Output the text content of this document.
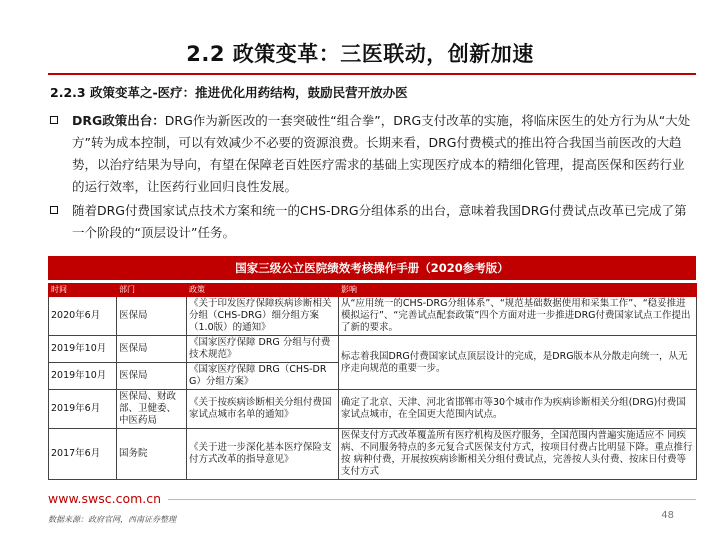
2.2 政策变革：三医联动，创新加速
2.2.3 政策变革之-医疗：推进优化用药结构，鼓励民营开放办医
DRG政策出台：DRG作为新医改的一套突破性“组合拳”，DRG支付改革的实施，将临床医生的处方行为从“大处方”转为成本控制，可以有效减少不必要的资源浪费。长期来看，DRG付费模式的推出符合我国当前医改的大趋势，以治疗结果为导向，有望在保障老百姓医疗需求的基础上实现医疗成本的精细化管理，提高医保和医药行业的运行效率，让医药行业回归良性发展。
随着DRG付费国家试点技术方案和统一的CHS-DRG分组体系的出台，意味着我国DRG付费试点改革已完成了第一个阶段的“顶层设计”任务。
国家三级公立医院绩效考核操作手册（2020参考版）
时间	部门	政策	影响
2020年6月	医保局	《关于印发医疗保障疾病诊断相关分组（CHS-DRG）细分组方案（1.0版）的通知》	从“应用统一的CHS-DRG分组体系”、“规范基础数据使用和采集工作”、“稳妥推进模拟运行”、“完善试点配套政策”四个方面对进一步推进DRG付费国家试点工作提出了新的要求。
2019年10月	医保局	《国家医疗保障 DRG 分组与付费技术规范》	标志着我国DRG付费国家试点顶层设计的完成，是DRG版本从分散走向统一，从无序走向规范的重要一步。
2019年10月	医保局	《国家医疗保障 DRG（CHS-DRG）分组方案》	
2019年6月	医保局、财政部、卫健委、中医药局	《关于按疾病诊断相关分组付费国家试点城市名单的通知》	确定了北京、天津、河北省邯郸市等30个城市作为疾病诊断相关分组(DRG)付费国家试点城市，在全国更大范围内试点。
2017年6月	国务院	《关于进一步深化基本医疗保险支付方式改革的指导意见》	医保支付方式改革覆盖所有医疗机构及医疗服务，全国范围内普遍实施适应不 同疾病、不同服务特点的多元复合式医保支付方式，按项目付费占比明显下降。重点推行按 病种付费，开展按疾病诊断相关分组付费试点，完善按人头付费、按床日付费等支付方式
www.swsc.com.cn
数据来源：政府官网，西南证券整理	48
